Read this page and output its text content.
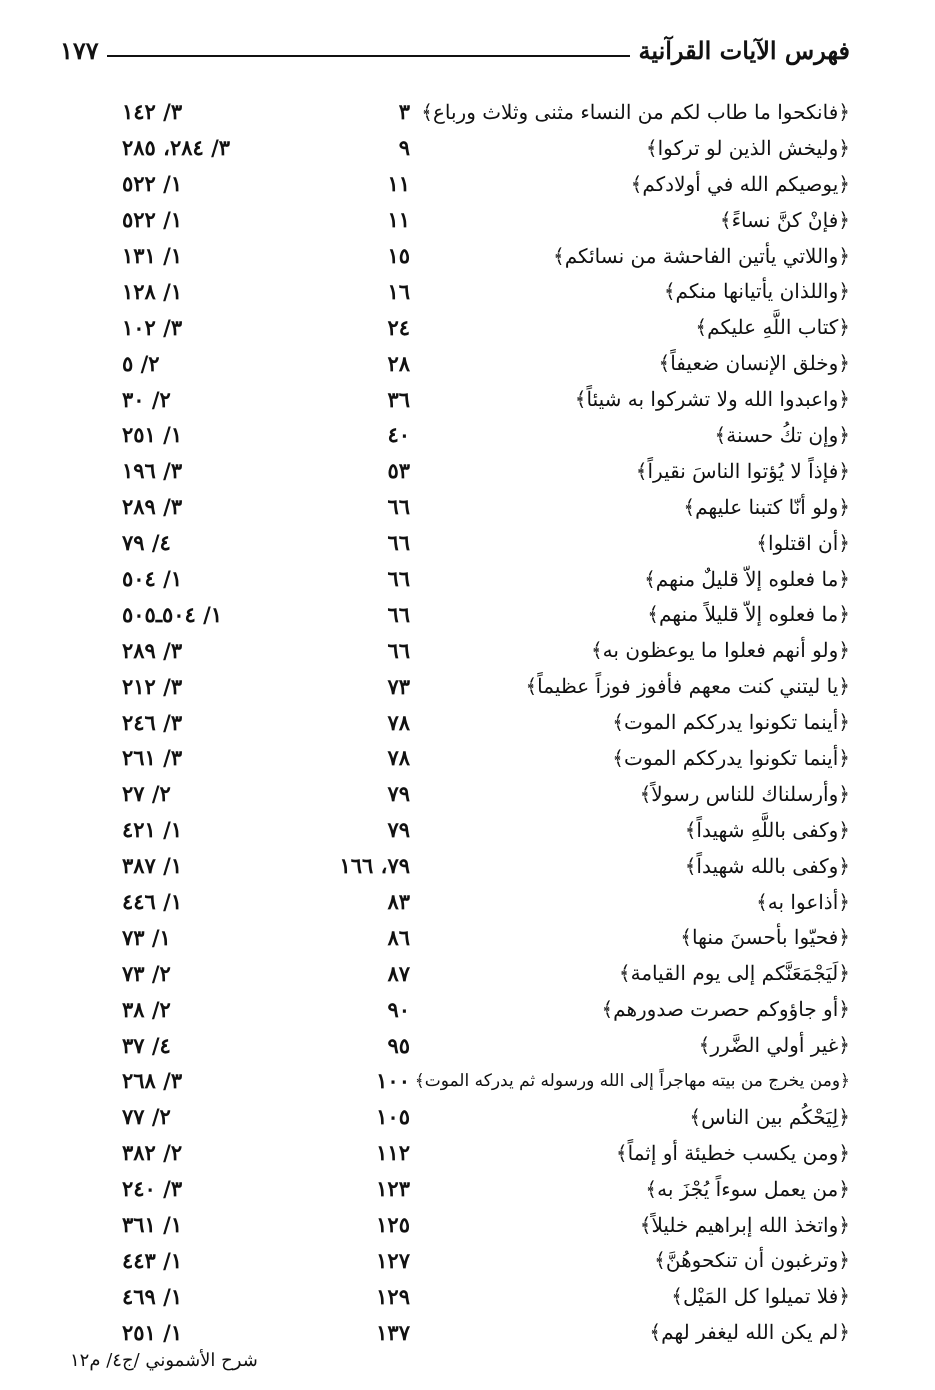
فهرس الآيات القرآنية
١٧٧
﴿فانكحوا ما طاب لكم من النساء مثنى وثلاث ورباع﴾
٣
٣/ ١٤٢
﴿وليخش الذين لو تركوا﴾
٩
٣/ ٢٨٤، ٢٨٥
﴿يوصيكم الله في أولادكم﴾
١١
١/ ٥٢٢
﴿فإنْ كنَّ نساءً﴾
١١
١/ ٥٢٢
﴿واللاتي يأتين الفاحشة من نسائكم﴾
١٥
١/ ١٣١
﴿واللذان يأتيانها منكم﴾
١٦
١/ ١٢٨
﴿كتاب اللَّهِ عليكم﴾
٢٤
٣/ ١٠٢
﴿وخلق الإنسان ضعيفاً﴾
٢٨
٢/ ٥
﴿واعبدوا الله ولا تشركوا به شيئاً﴾
٣٦
٢/ ٣٠
﴿وإن تكُ حسنة﴾
٤٠
١/ ٢٥١
﴿فإذاً لا يُؤتوا الناسَ نقيراً﴾
٥٣
٣/ ١٩٦
﴿ولو أنّا كتبنا عليهم﴾
٦٦
٣/ ٢٨٩
﴿أن اقتلوا﴾
٦٦
٤/ ٧٩
﴿ما فعلوه إلاّ قليلٌ منهم﴾
٦٦
١/ ٥٠٤
﴿ما فعلوه إلاّ قليلاً منهم﴾
٦٦
١/ ٥٠٤ـ٥٠٥
﴿ولو أنهم فعلوا ما يوعظون به﴾
٦٦
٣/ ٢٨٩
﴿يا ليتني كنت معهم فأفوز فوزاً عظيماً﴾
٧٣
٣/ ٢١٢
﴿أينما تكونوا يدرككم الموت﴾
٧٨
٣/ ٢٤٦
﴿أينما تكونوا يدرككم الموت﴾
٧٨
٣/ ٢٦١
﴿وأرسلناك للناس رسولاً﴾
٧٩
٢/ ٢٧
﴿وكفى باللَّهِ شهيداً﴾
٧٩
١/ ٤٢١
﴿وكفى بالله شهيداً﴾
٧٩، ١٦٦
١/ ٣٨٧
﴿أذاعوا به﴾
٨٣
١/ ٤٤٦
﴿فحيّوا بأحسنَ منها﴾
٨٦
١/ ٧٣
﴿لَيَجْمَعَنَّكم إلى يوم القيامة﴾
٨٧
٢/ ٧٣
﴿أو جاؤوكم حصرت صدورهم﴾
٩٠
٢/ ٣٨
﴿غير أولي الضَّرر﴾
٩٥
٤/ ٣٧
﴿ومن يخرج من بيته مهاجراً إلى الله ورسوله ثم يدركه الموت﴾
١٠٠
٣/ ٢٦٨
﴿لِيَحْكُم بين الناس﴾
١٠٥
٢/ ٧٧
﴿ومن يكسب خطيئة أو إثماً﴾
١١٢
٢/ ٣٨٢
﴿من يعمل سوءاً يُجْزَ به﴾
١٢٣
٣/ ٢٤٠
﴿واتخذ الله إبراهيم خليلاً﴾
١٢٥
١/ ٣٦١
﴿وترغبون أن تنكحوهُنَّ﴾
١٢٧
١/ ٤٤٣
﴿فلا تميلوا كل المَيْل﴾
١٢٩
١/ ٤٦٩
﴿لم يكن الله ليغفر لهم﴾
١٣٧
١/ ٢٥١
شرح الأشموني /ج٤/ م١٢
